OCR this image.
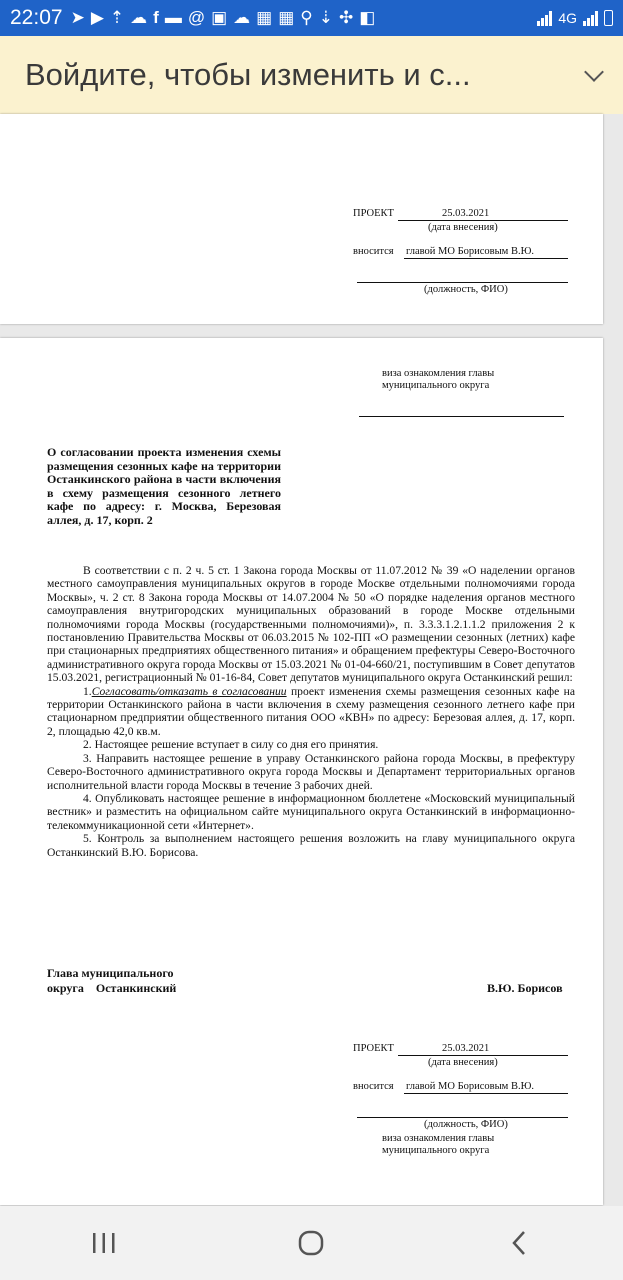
22:07 ➤ ▶ ⇡ ☁ f ▬ @ ▣ ☁ ▦ ▦ ⚲ ⇣ ✣ ◧	4G
Войдите, чтобы изменить и с...
ПРОЕКТ	25.03.2021
(дата внесения)
вносится главой МО Борисовым В.Ю.
(должность, ФИО)
виза ознакомления главы
муниципального округа
О согласовании проекта изменения схемы размещения сезонных кафе на территории Останкинского района в части включения в схему размещения сезонного летнего кафе по адресу: г. Москва, Березовая аллея, д. 17, корп. 2

В соответствии с п. 2 ч. 5 ст. 1 Закона города Москвы от 11.07.2012 № 39 «О наделении органов местного самоуправления муниципальных округов в городе Москве отдельными полномочиями города Москвы», ч. 2 ст. 8 Закона города Москвы от 14.07.2004 № 50 «О порядке наделения органов местного самоуправления внутригородских муниципальных образований в городе Москве отдельными полномочиями города Москвы (государственными полномочиями)», п. 3.3.3.1.2.1.1.2 приложения 2 к постановлению Правительства Москвы от 06.03.2015 № 102-ПП «О размещении сезонных (летних) кафе при стационарных предприятиях общественного питания» и обращением префектуры Северо-Восточного административного округа города Москвы от 15.03.2021 № 01-04-660/21, поступившим в Совет депутатов 15.03.2021, регистрационный № 01-16-84, Совет депутатов муниципального округа Останкинский решил:

1.Согласовать/отказать в согласовании проект изменения схемы размещения сезонных кафе на территории Останкинского района в части включения в схему размещения сезонного летнего кафе при стационарном предприятии общественного питания ООО «КВН» по адресу: Березовая аллея, д. 17, корп. 2, площадью 42,0 кв.м.

2. Настоящее решение вступает в силу со дня его принятия.

3. Направить настоящее решение в управу Останкинского района города Москвы, в префектуру Северо-Восточного административного округа города Москвы и Департамент территориальных органов исполнительной власти города Москвы в течение 3 рабочих дней.

4. Опубликовать настоящее решение в информационном бюллетене «Московский муниципальный вестник» и разместить на официальном сайте муниципального округа Останкинский в информационно-телекоммуникационной сети «Интернет».

5. Контроль за выполнением настоящего решения возложить на главу муниципального округа Останкинский В.Ю. Борисова.

Глава муниципального
округа    Останкинский	В.Ю. Борисов
ПРОЕКТ	25.03.2021
(дата внесения)
вносится главой МО Борисовым В.Ю.
(должность, ФИО)
виза ознакомления главы
муниципального округа
